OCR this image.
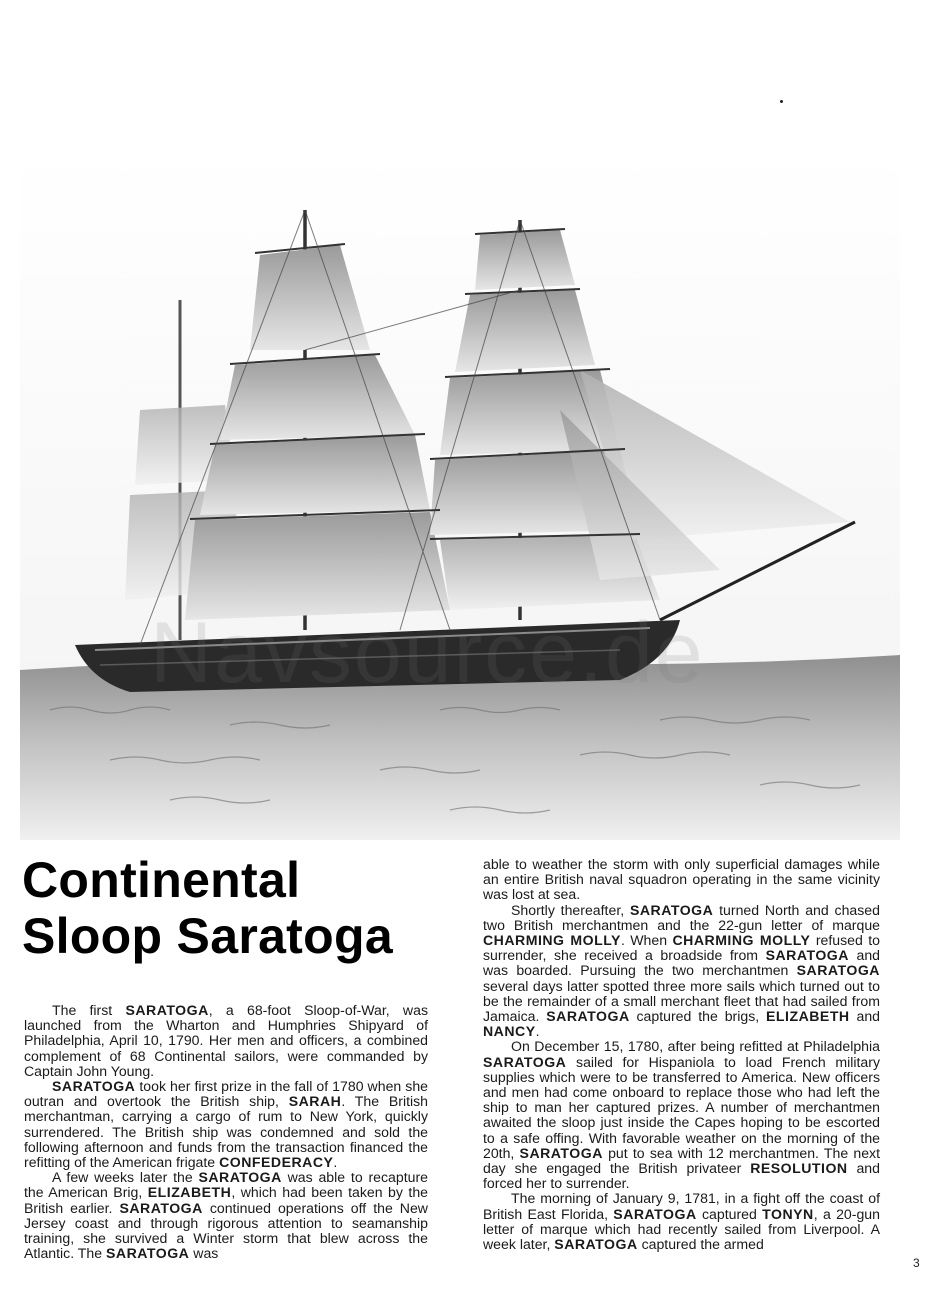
Continental
Sloop Saratoga

The first SARATOGA, a 68-foot Sloop-of-War, was launched from the Wharton and Humphries Shipyard of Philadelphia, April 10, 1790. Her men and officers, a combined complement of 68 Continental sailors, were commanded by Captain John Young.

SARATOGA took her first prize in the fall of 1780 when she outran and overtook the British ship, SARAH. The British merchantman, carrying a cargo of rum to New York, quickly surrendered. The British ship was condemned and sold the following afternoon and funds from the transaction financed the refitting of the American frigate CONFEDERACY.

A few weeks later the SARATOGA was able to recapture the American Brig, ELIZABETH, which had been taken by the British earlier. SARATOGA continued operations off the New Jersey coast and through rigorous attention to seamanship training, she survived a Winter storm that blew across the Atlantic. The SARATOGA was

able to weather the storm with only superficial damages while an entire British naval squadron operating in the same vicinity was lost at sea.

Shortly thereafter, SARATOGA turned North and chased two British merchantmen and the 22-gun letter of marque CHARMING MOLLY. When CHARMING MOLLY refused to surrender, she received a broadside from SARATOGA and was boarded. Pursuing the two merchantmen SARATOGA several days latter spotted three more sails which turned out to be the remainder of a small merchant fleet that had sailed from Jamaica. SARATOGA captured the brigs, ELIZABETH and NANCY.

On December 15, 1780, after being refitted at Philadelphia SARATOGA sailed for Hispaniola to load French military supplies which were to be transferred to America. New officers and men had come onboard to replace those who had left the ship to man her captured prizes. A number of merchantmen awaited the sloop just inside the Capes hoping to be escorted to a safe offing. With favorable weather on the morning of the 20th, SARATOGA put to sea with 12 merchantmen. The next day she engaged the British privateer RESOLUTION and forced her to surrender.

The morning of January 9, 1781, in a fight off the coast of British East Florida, SARATOGA captured TONYN, a 20-gun letter of marque which had recently sailed from Liverpool. A week later, SARATOGA captured the armed

3
